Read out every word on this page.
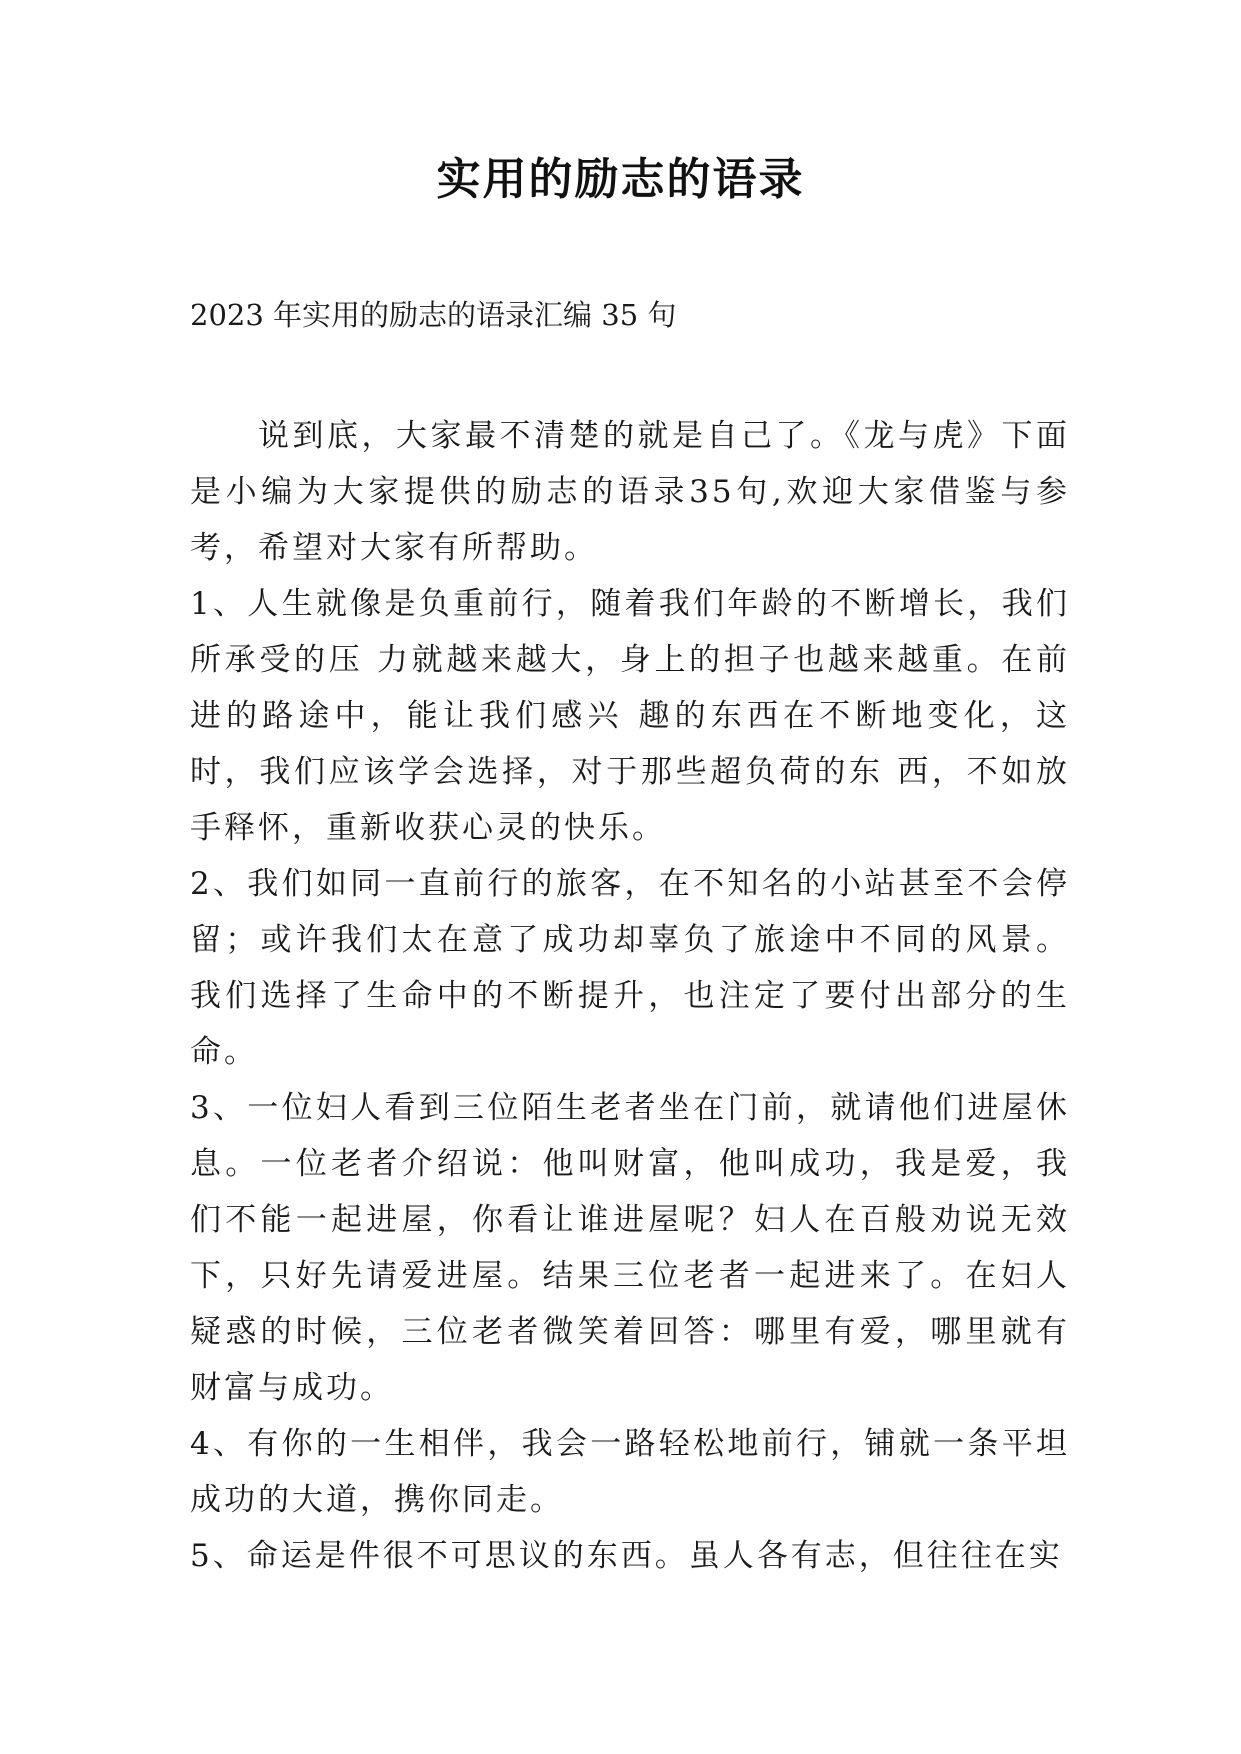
实用的励志的语录
2023 年实用的励志的语录汇编 35 句

说到底，大家最不清楚的就是自己了。《龙与虎》下面是小编为大家提供的励志的语录35句,欢迎大家借鉴与参考，希望对大家有所帮助。

1、人生就像是负重前行，随着我们年龄的不断增长，我们所承受的压 力就越来越大，身上的担子也越来越重。在前进的路途中，能让我们感兴 趣的东西在不断地变化，这时，我们应该学会选择，对于那些超负荷的东 西，不如放手释怀，重新收获心灵的快乐。

2、我们如同一直前行的旅客，在不知名的小站甚至不会停留；或许我们太在意了成功却辜负了旅途中不同的风景。我们选择了生命中的不断提升，也注定了要付出部分的生命。

3、一位妇人看到三位陌生老者坐在门前，就请他们进屋休息。一位老者介绍说：他叫财富，他叫成功，我是爱，我们不能一起进屋，你看让谁进屋呢？妇人在百般劝说无效下，只好先请爱进屋。结果三位老者一起进来了。在妇人疑惑的时候，三位老者微笑着回答：哪里有爱，哪里就有财富与成功。

4、有你的一生相伴，我会一路轻松地前行，铺就一条平坦成功的大道，携你同走。

5、命运是件很不可思议的东西。虽人各有志，但往往在实
